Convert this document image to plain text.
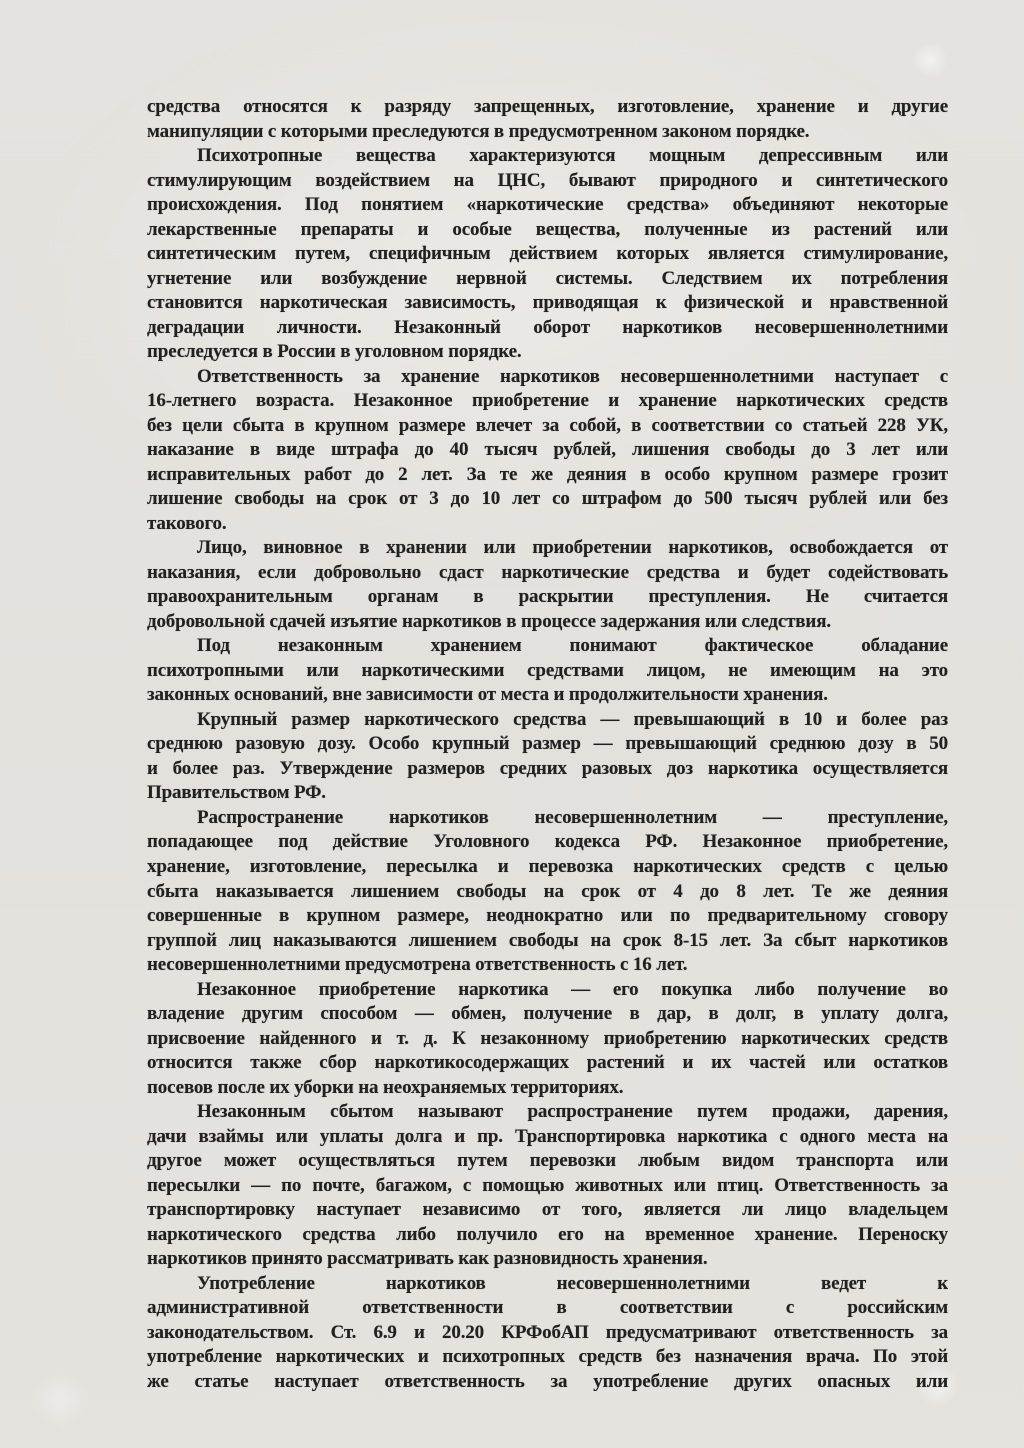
средства относятся к разряду запрещенных, изготовление, хранение и другие
манипуляции с которыми преследуются в предусмотренном законом порядке.

Психотропные вещества характеризуются мощным депрессивным или
стимулирующим воздействием на ЦНС, бывают природного и синтетического
происхождения. Под понятием «наркотические средства» объединяют некоторые
лекарственные препараты и особые вещества, полученные из растений или
синтетическим путем, специфичным действием которых является стимулирование,
угнетение или возбуждение нервной системы. Следствием их потребления
становится наркотическая зависимость, приводящая к физической и нравственной
деградации личности. Незаконный оборот наркотиков несовершеннолетними
преследуется в России в уголовном порядке.

Ответственность за хранение наркотиков несовершеннолетними наступает с
16-летнего возраста. Незаконное приобретение и хранение наркотических средств
без цели сбыта в крупном размере влечет за собой, в соответствии со статьей 228 УК,
наказание в виде штрафа до 40 тысяч рублей, лишения свободы до 3 лет или
исправительных работ до 2 лет. За те же деяния в особо крупном размере грозит
лишение свободы на срок от 3 до 10 лет со штрафом до 500 тысяч рублей или без
такового.

Лицо, виновное в хранении или приобретении наркотиков, освобождается от
наказания, если добровольно сдаст наркотические средства и будет содействовать
правоохранительным органам в раскрытии преступления. Не считается
добровольной сдачей изъятие наркотиков в процессе задержания или следствия.

Под незаконным хранением понимают фактическое обладание
психотропными или наркотическими средствами лицом, не имеющим на это
законных оснований, вне зависимости от места и продолжительности хранения.

Крупный размер наркотического средства — превышающий в 10 и более раз
среднюю разовую дозу. Особо крупный размер — превышающий среднюю дозу в 50
и более раз. Утверждение размеров средних разовых доз наркотика осуществляется
Правительством РФ.

Распространение наркотиков несовершеннолетним — преступление,
попадающее под действие Уголовного кодекса РФ. Незаконное приобретение,
хранение, изготовление, пересылка и перевозка наркотических средств с целью
сбыта наказывается лишением свободы на срок от 4 до 8 лет. Те же деяния
совершенные в крупном размере, неоднократно или по предварительному сговору
группой лиц наказываются лишением свободы на срок 8-15 лет. За сбыт наркотиков
несовершеннолетними предусмотрена ответственность с 16 лет.

Незаконное приобретение наркотика — его покупка либо получение во
владение другим способом — обмен, получение в дар, в долг, в уплату долга,
присвоение найденного и т. д. К незаконному приобретению наркотических средств
относится также сбор наркотикосодержащих растений и их частей или остатков
посевов после их уборки на неохраняемых территориях.

Незаконным сбытом называют распространение путем продажи, дарения,
дачи взаймы или уплаты долга и пр. Транспортировка наркотика с одного места на
другое может осуществляться путем перевозки любым видом транспорта или
пересылки — по почте, багажом, с помощью животных или птиц. Ответственность за
транспортировку наступает независимо от того, является ли лицо владельцем
наркотического средства либо получило его на временное хранение. Переноску
наркотиков принято рассматривать как разновидность хранения.

Употребление наркотиков несовершеннолетними ведет к
административной ответственности в соответствии с российским
законодательством. Ст. 6.9 и 20.20 КРФобАП предусматривают ответственность за
употребление наркотических и психотропных средств без назначения врача. По этой
же статье наступает ответственность за употребление других опасных или
